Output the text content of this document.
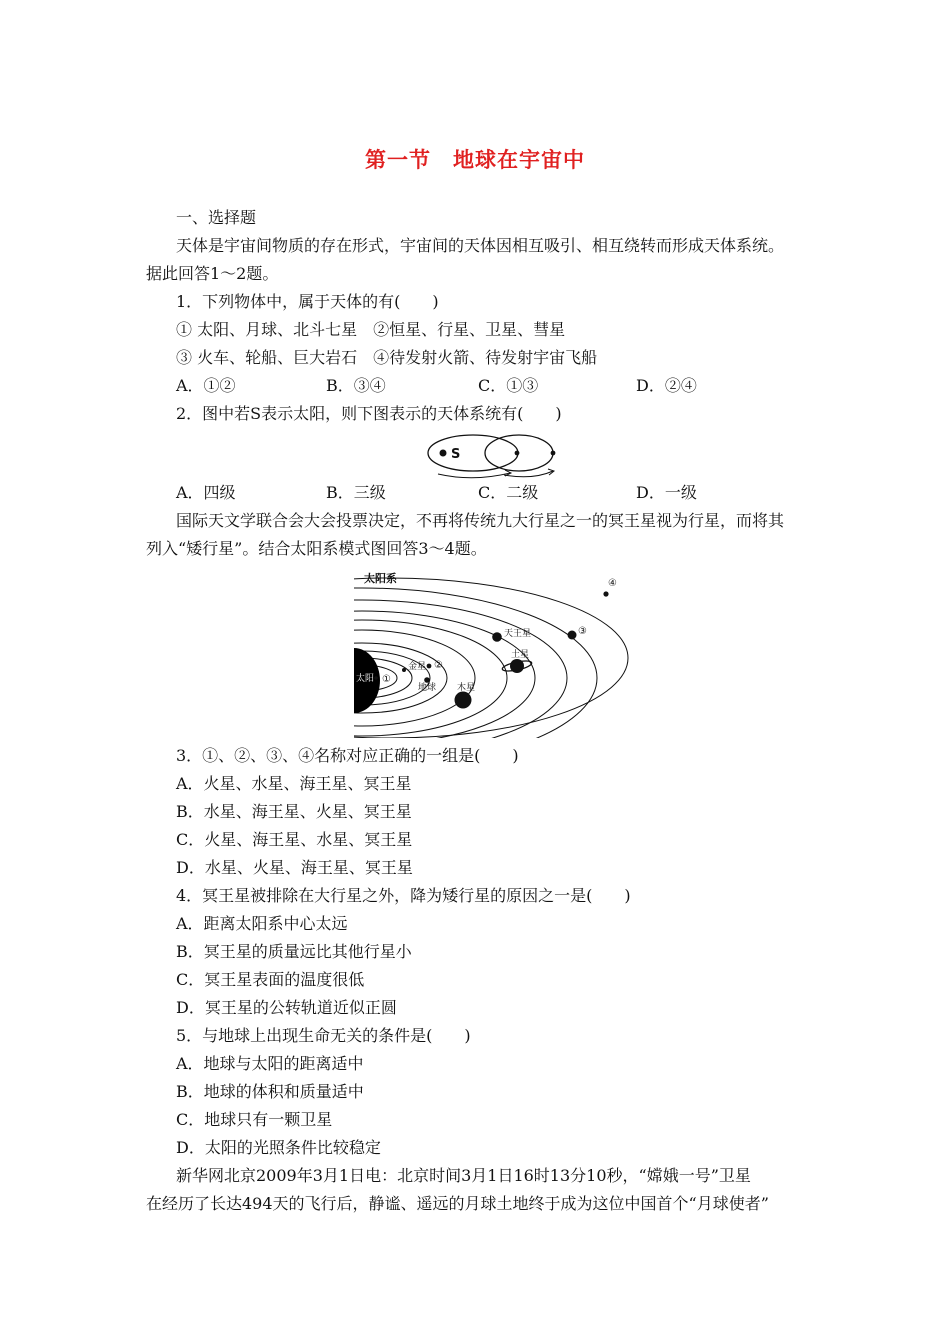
第一节　地球在宇宙中
一、选择题
天体是宇宙间物质的存在形式，宇宙间的天体因相互吸引、相互绕转而形成天体系统。
据此回答1～2题。
1．下列物体中，属于天体的有(　　)
① 太阳、月球、北斗七星　②恒星、行星、卫星、彗星
③ 火车、轮船、巨大岩石　④待发射火箭、待发射宇宙飞船
A．①②	B．③④	C．①③	D．②④
2．图中若S表示太阳，则下图表示的天体系统有(　　)
S
A．四级	B．三级	C．二级	D．一级
国际天文学联合会大会投票决定，不再将传统九大行星之一的冥王星视为行星，而将其
列入“矮行星”。结合太阳系模式图回答3～4题。
太阳系
太阳 ①
金星 ②
地球 木星
土星
天王星	③
④
3．①、②、③、④名称对应正确的一组是(　　)
A．火星、水星、海王星、冥王星
B．水星、海王星、火星、冥王星
C．火星、海王星、水星、冥王星
D．水星、火星、海王星、冥王星
4．冥王星被排除在大行星之外，降为矮行星的原因之一是(　　)
A．距离太阳系中心太远
B．冥王星的质量远比其他行星小
C．冥王星表面的温度很低
D．冥王星的公转轨道近似正圆
5．与地球上出现生命无关的条件是(　　)
A．地球与太阳的距离适中
B．地球的体积和质量适中
C．地球只有一颗卫星
D．太阳的光照条件比较稳定
新华网北京2009年3月1日电：北京时间3月1日16时13分10秒，“嫦娥一号”卫星
在经历了长达494天的飞行后，静谧、遥远的月球土地终于成为这位中国首个“月球使者”
